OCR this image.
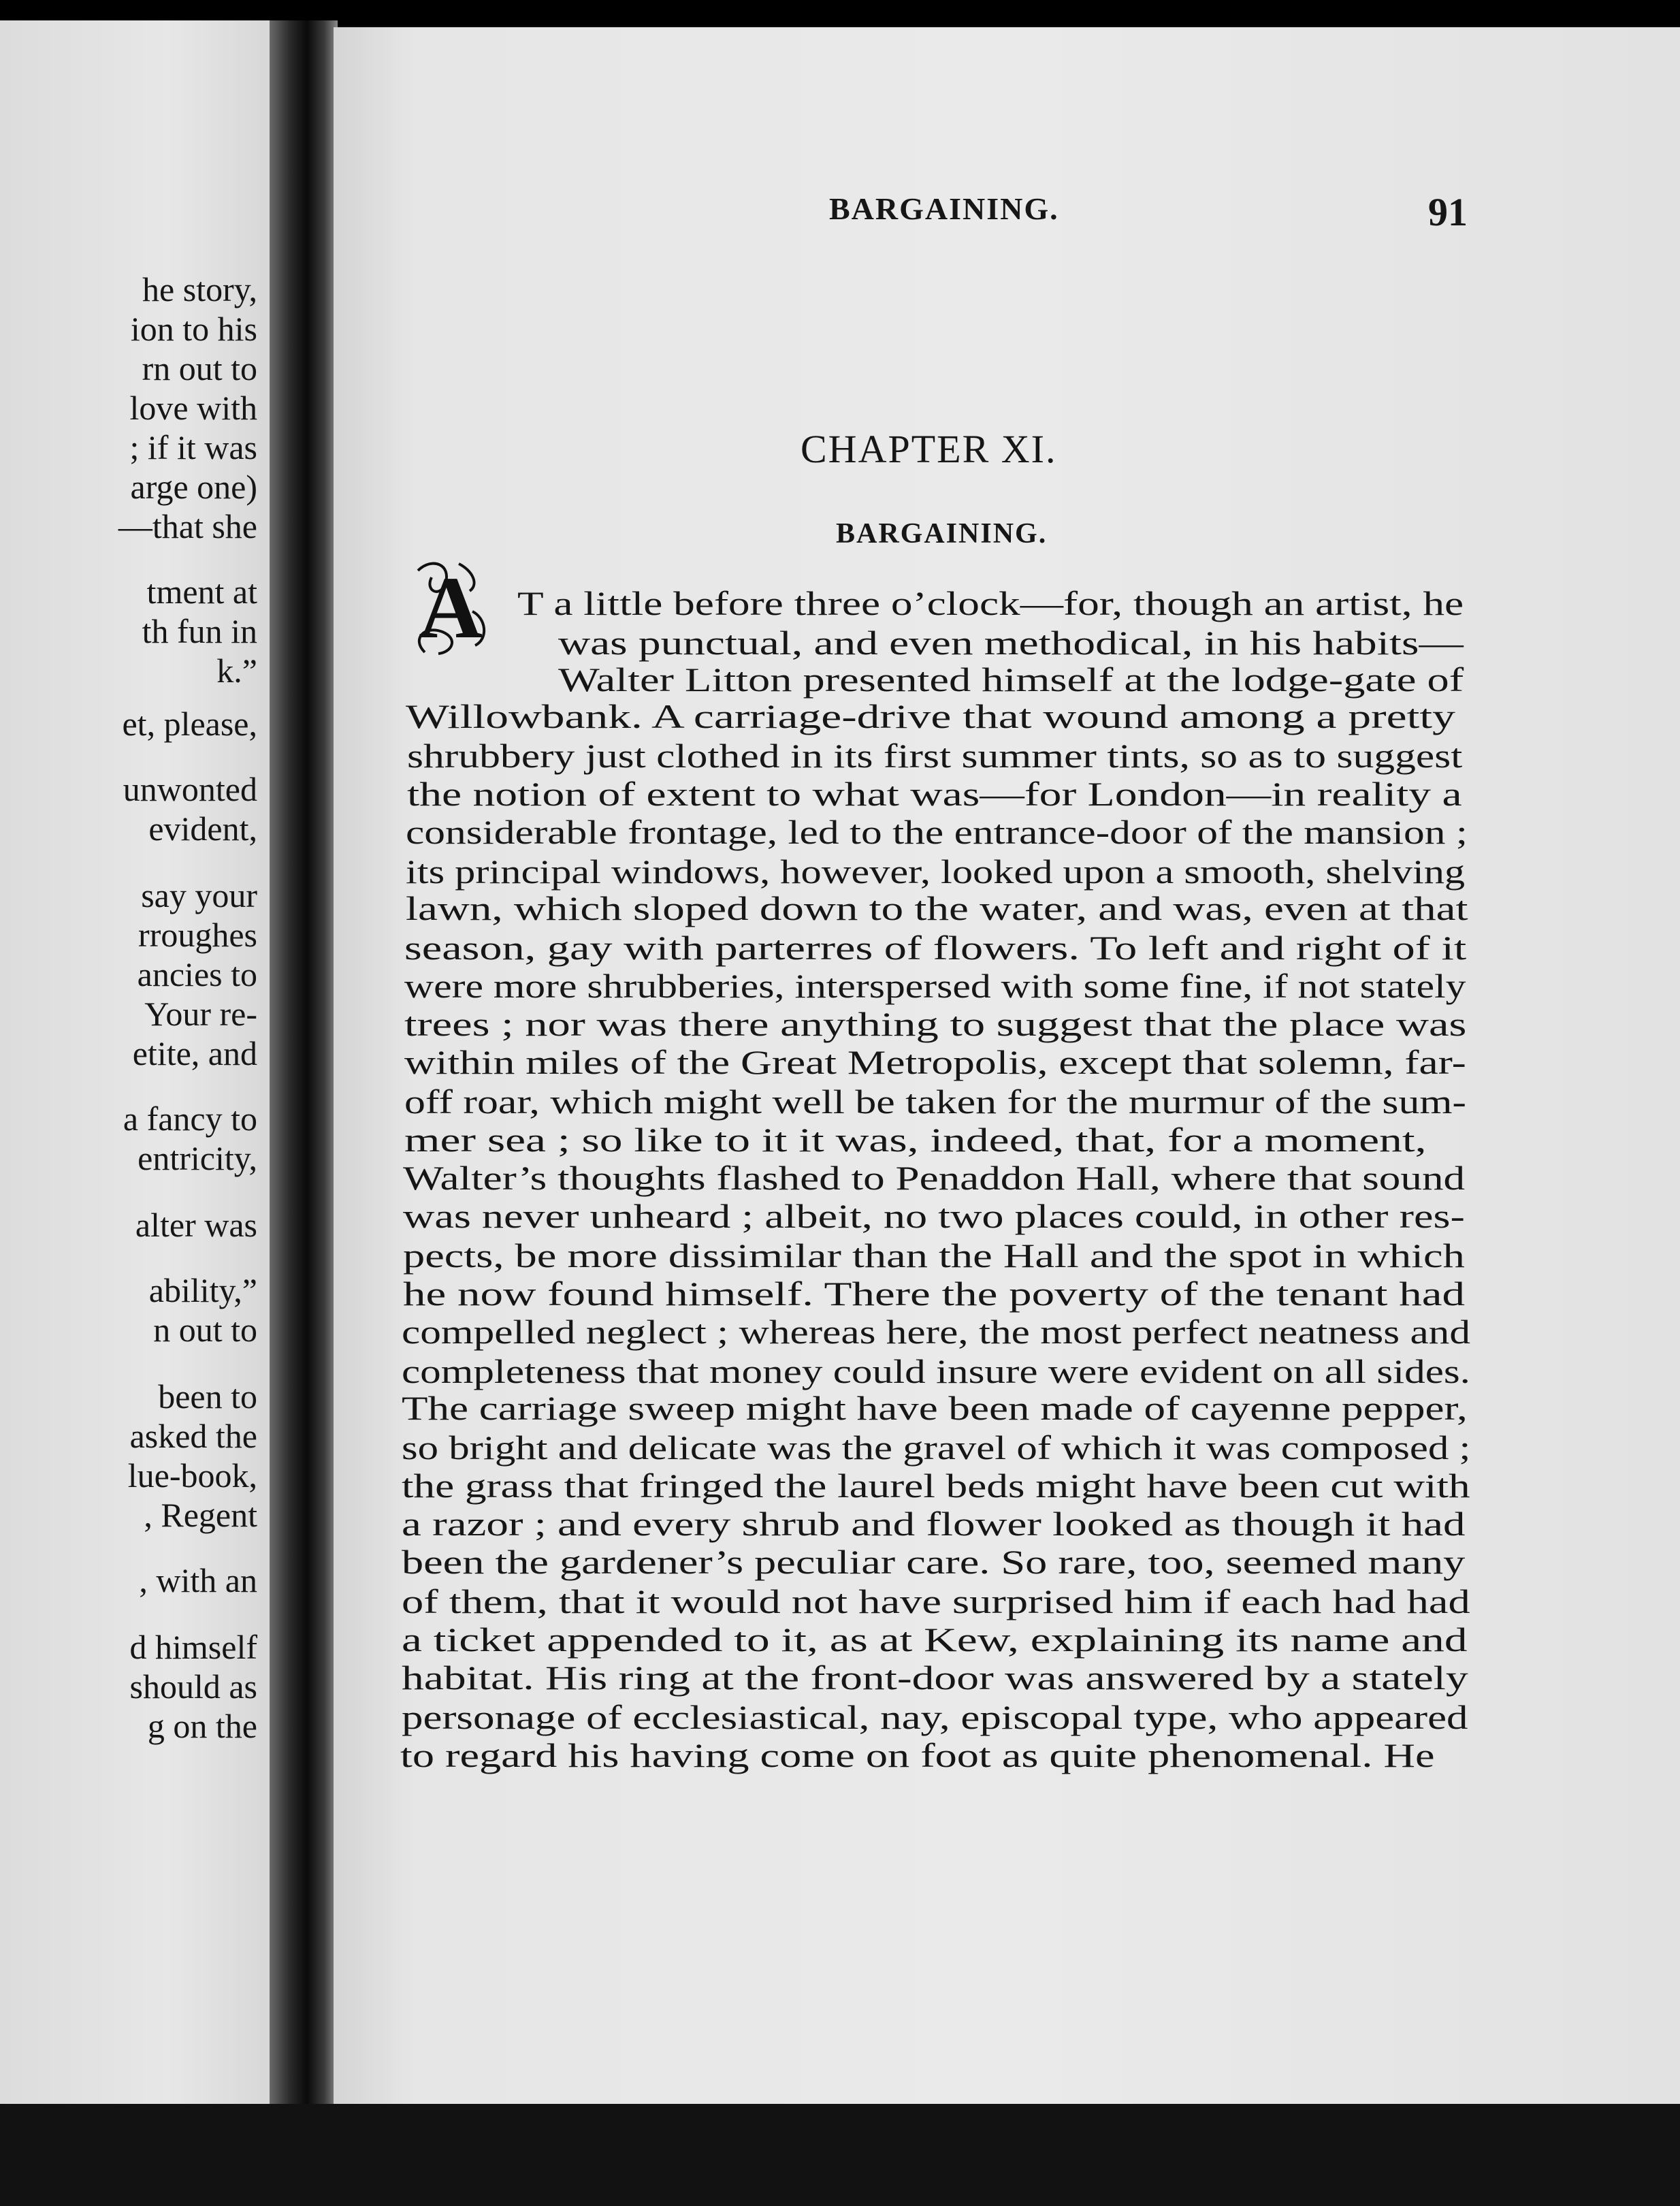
he story,
ion to his
rn out to
love with
; if it was
arge one)
—that she
tment at
th fun in
k.”
et, please,
unwonted
evident,
say your
rroughes
ancies to
Your re-
etite, and
a fancy to
entricity,
alter was
ability,”
n out to
been to
asked the
lue-book,
, Regent
, with an
d himself
should as
g on the
BARGAINING.	91
CHAPTER XI.
BARGAINING.
A T a little before three o’clock—for, though an artist, he
was punctual, and even methodical, in his habits—
Walter Litton presented himself at the lodge-gate of
Willowbank. A carriage-drive that wound among a pretty
shrubbery just clothed in its first summer tints, so as to suggest
the notion of extent to what was—for London—in reality a
considerable frontage, led to the entrance-door of the mansion ;
its principal windows, however, looked upon a smooth, shelving
lawn, which sloped down to the water, and was, even at that
season, gay with parterres of flowers. To left and right of it
were more shrubberies, interspersed with some fine, if not stately
trees ; nor was there anything to suggest that the place was
within miles of the Great Metropolis, except that solemn, far-
off roar, which might well be taken for the murmur of the sum-
mer sea ; so like to it it was, indeed, that, for a moment,
Walter’s thoughts flashed to Penaddon Hall, where that sound
was never unheard ; albeit, no two places could, in other res-
pects, be more dissimilar than the Hall and the spot in which
he now found himself. There the poverty of the tenant had
compelled neglect ; whereas here, the most perfect neatness and
completeness that money could insure were evident on all sides.
The carriage sweep might have been made of cayenne pepper,
so bright and delicate was the gravel of which it was composed ;
the grass that fringed the laurel beds might have been cut with
a razor ; and every shrub and flower looked as though it had
been the gardener’s peculiar care. So rare, too, seemed many
of them, that it would not have surprised him if each had had
a ticket appended to it, as at Kew, explaining its name and
habitat. His ring at the front-door was answered by a stately
personage of ecclesiastical, nay, episcopal type, who appeared
to regard his having come on foot as quite phenomenal. He
